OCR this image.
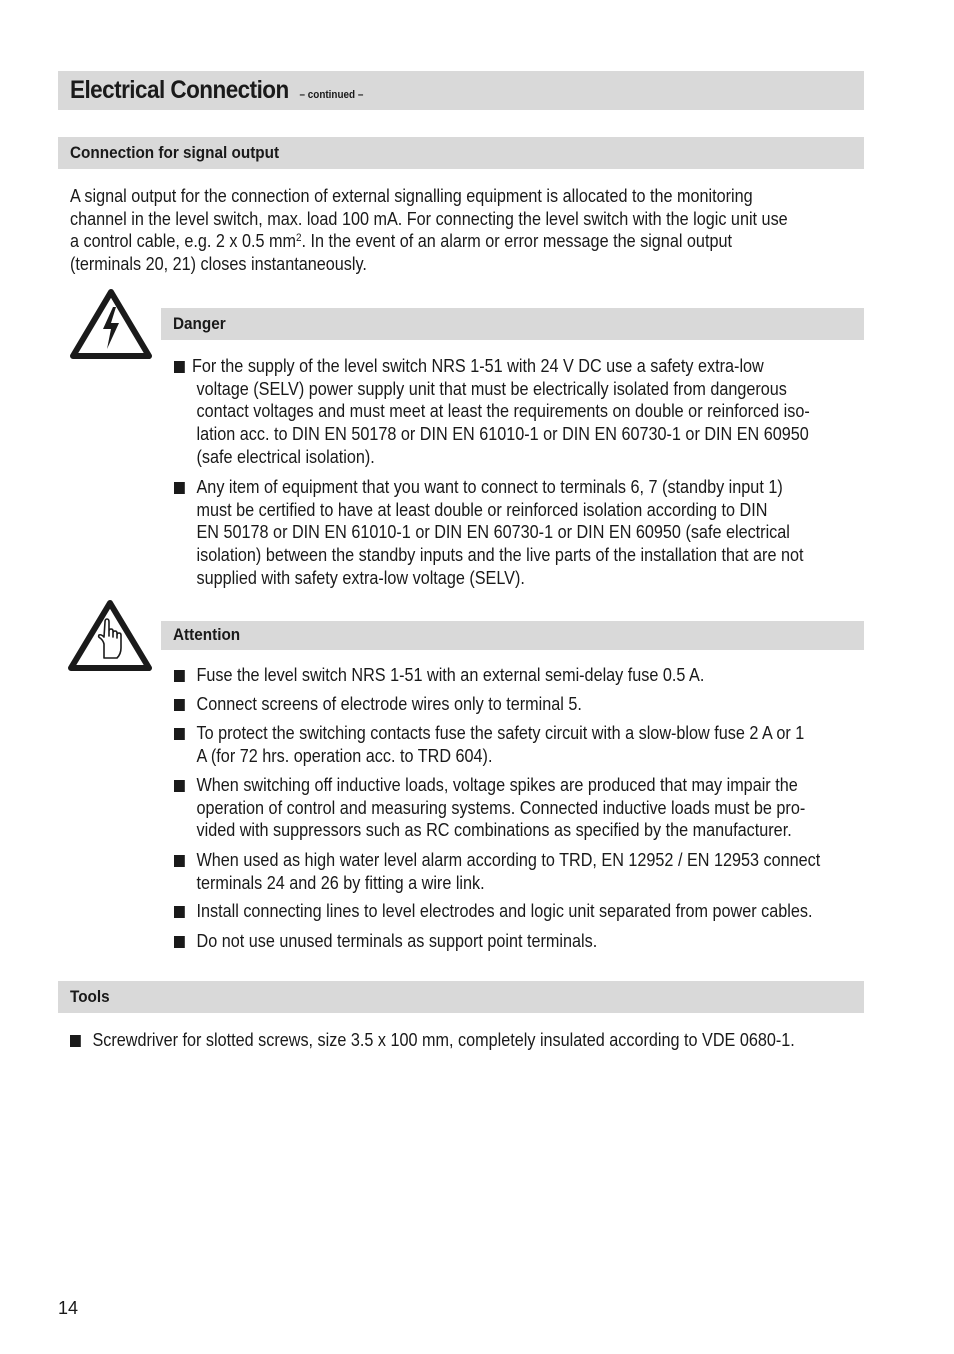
Electrical Connection – continued –
Connection for signal output
A signal output for the connection of external signalling equipment is allocated to the monitoring
channel in the level switch, max. load 100 mA. For connecting the level switch with the logic unit use
a control cable, e.g. 2 x 0.5 $mm^2$. In the event of an alarm or error message the signal output
(terminals 20, 21) closes instantaneously.
Danger
For the supply of the level switch NRS 1-51 with 24 V DC use a safety extra-low
voltage (SELV) power supply unit that must be electrically isolated from dangerous
contact voltages and must meet at least the requirements on double or reinforced iso-
lation acc. to DIN EN 50178 or DIN EN 61010-1 or DIN EN 60730-1 or DIN EN 60950
(safe electrical isolation).
Any item of equipment that you want to connect to terminals 6, 7 (standby input 1)
must be certified to have at least double or reinforced isolation according to DIN
EN 50178 or DIN EN 61010-1 or DIN EN 60730-1 or DIN EN 60950 (safe electrical
isolation) between the standby inputs and the live parts of the installation that are not
supplied with safety extra-low voltage (SELV).
Attention
Fuse the level switch NRS 1-51 with an external semi-delay fuse 0.5 A.
Connect screens of electrode wires only to terminal 5.
To protect the switching contacts fuse the safety circuit with a slow-blow fuse 2 A or 1
A (for 72 hrs. operation acc. to TRD 604).
When switching off inductive loads, voltage spikes are produced that may impair the
operation of control and measuring systems. Connected inductive loads must be pro-
vided with suppressors such as RC combinations as specified by the manufacturer.
When used as high water level alarm according to TRD, EN 12952 / EN 12953 connect
terminals 24 and 26 by fitting a wire link.
Install connecting lines to level electrodes and logic unit separated from power cables.
Do not use unused terminals as support point terminals.
Tools
Screwdriver for slotted screws, size 3.5 x 100 mm, completely insulated according to VDE 0680-1.
14
